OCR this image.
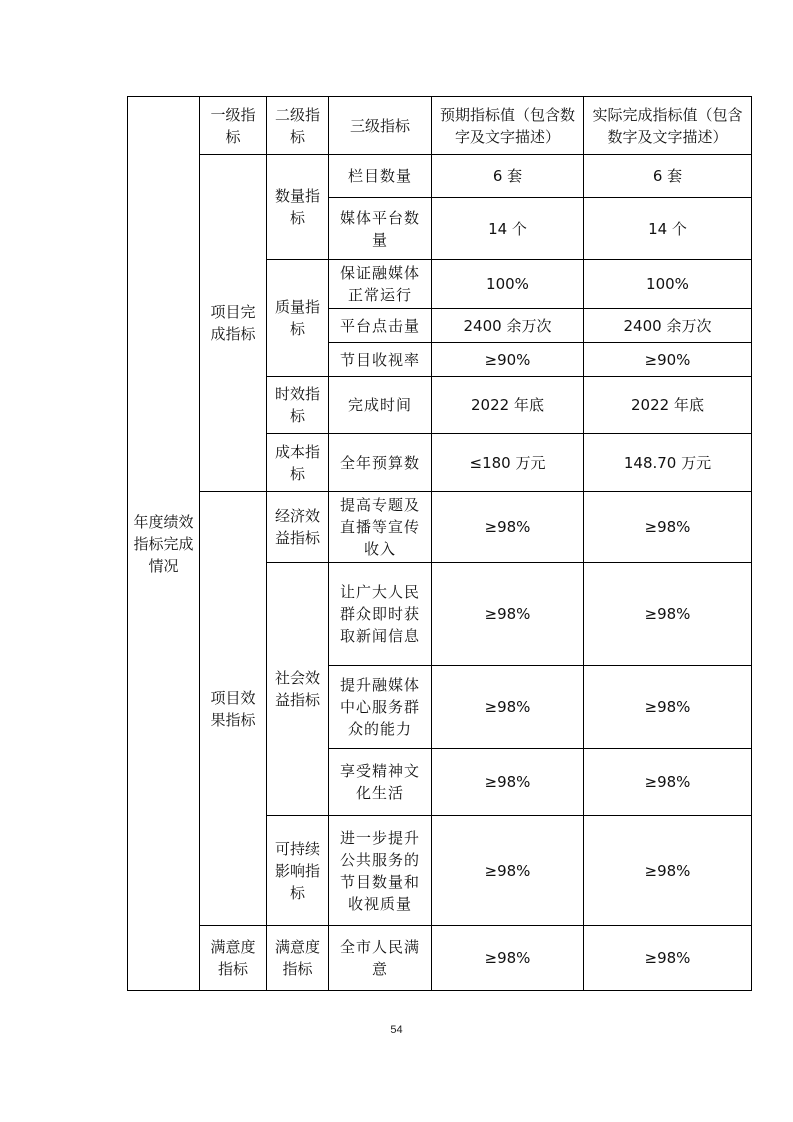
年度绩效指标完成情况	一级指标	二级指标	三级指标	预期指标值（包含数字及文字描述）	实际完成指标值（包含数字及文字描述）
	项目完成指标	数量指标	栏目数量	6 套	6 套
			媒体平台数量	14 个	14 个
		质量指标	保证融媒体正常运行	100%	100%
			平台点击量	2400 余万次	2400 余万次
			节目收视率	≥90%	≥90%
		时效指标	完成时间	2022 年底	2022 年底
		成本指标	全年预算数	≤180 万元	148.70 万元
	项目效果指标	经济效益指标	提高专题及直播等宣传收入	≥98%	≥98%
		社会效益指标	让广大人民群众即时获取新闻信息	≥98%	≥98%
			提升融媒体中心服务群众的能力	≥98%	≥98%
			享受精神文化生活	≥98%	≥98%
		可持续影响指标	进一步提升公共服务的节目数量和收视质量	≥98%	≥98%
	满意度指标	满意度指标	全市人民满意	≥98%	≥98%
54
